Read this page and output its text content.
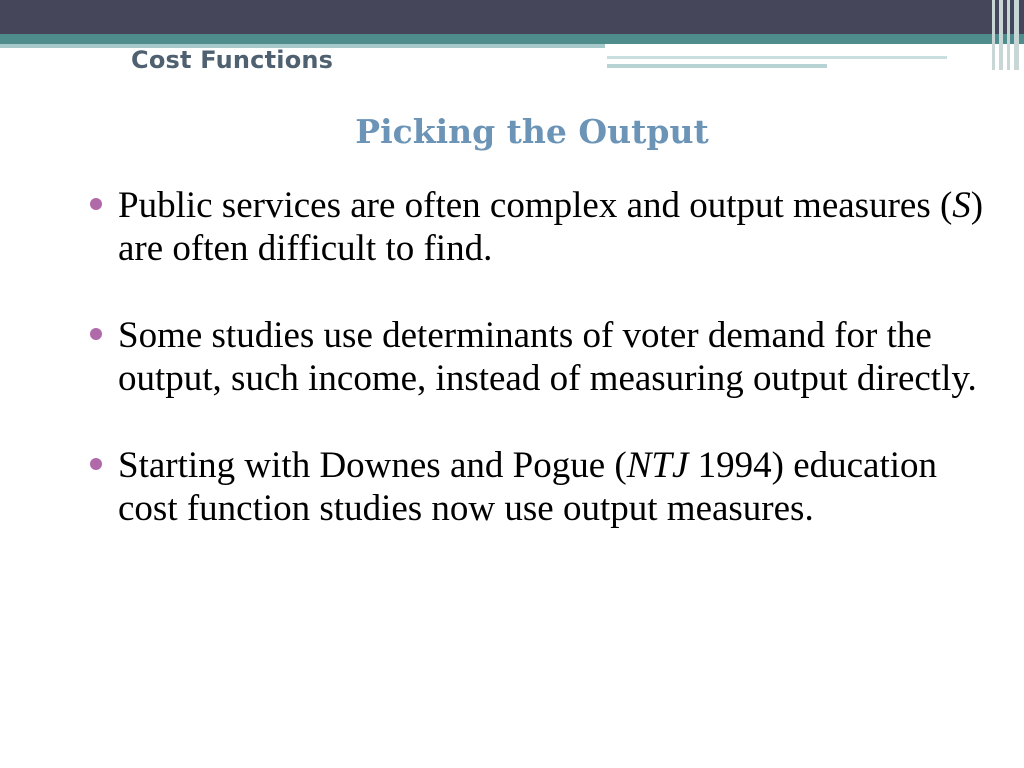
Cost Functions
Picking the Output
Public services are often complex and output measures (S) are often difficult to find.
Some studies use determinants of voter demand for the output, such income, instead of measuring output directly.
Starting with Downes and Pogue (NTJ 1994) education cost function studies now use output measures.
